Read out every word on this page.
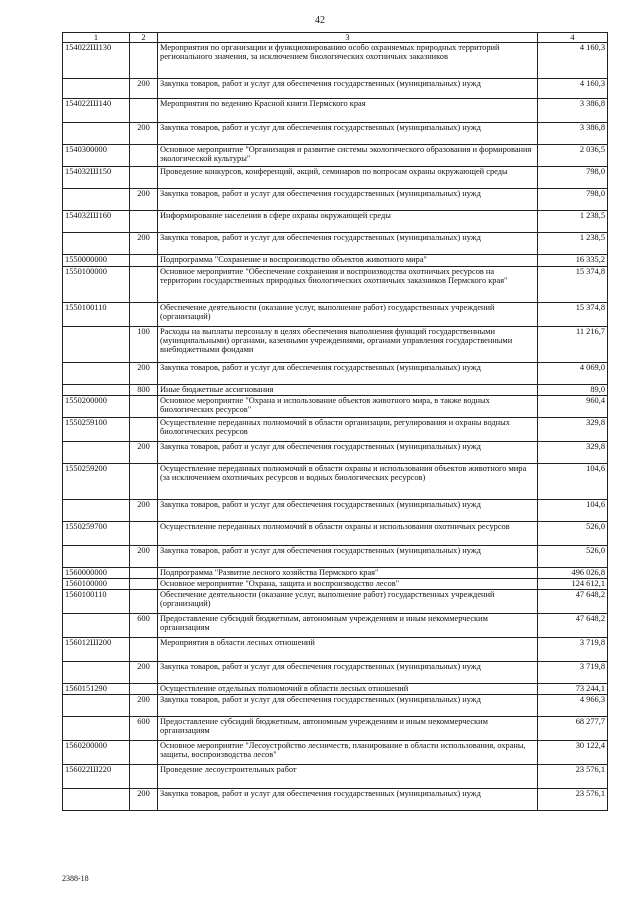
42
1	2	3	4
154022Ш130		Мероприятия по организации и функционированию особо охраняемых природных территорий регионального значения, за исключением биологических охотничьих заказников	4 160,3
	200	Закупка товаров, работ и услуг для обеспечения государственных (муниципальных) нужд	4 160,3
154022Ш140		Мероприятия по ведению Красной книги Пермского края	3 386,8
	200	Закупка товаров, работ и услуг для обеспечения государственных (муниципальных) нужд	3 386,8
1540300000		Основное мероприятие "Организация и развитие системы экологического образования и формирования экологической культуры"	2 036,5
154032Ш150		Проведение конкурсов, конференций, акций, семинаров по вопросам охраны окружающей среды	798,0
	200	Закупка товаров, работ и услуг для обеспечения государственных (муниципальных) нужд	798,0
154032Ш160		Информирование населения в сфере охраны окружающей среды	1 238,5
	200	Закупка товаров, работ и услуг для обеспечения государственных (муниципальных) нужд	1 238,5
1550000000		Подпрограмма "Сохранение и воспроизводство объектов животного мира"	16 335,2
1550100000		Основное мероприятие "Обеспечение сохранения и воспроизводства охотничьих ресурсов на территории государственных природных биологических охотничьих заказников Пермского края"	15 374,8
1550100110		Обеспечение деятельности (оказание услуг, выполнение работ) государственных учреждений (организаций)	15 374,8
	100	Расходы на выплаты персоналу в целях обеспечения выполнения функций государственными (муниципальными) органами, казенными учреждениями, органами управления государственными внебюджетными фондами	11 216,7
	200	Закупка товаров, работ и услуг для обеспечения государственных (муниципальных) нужд	4 069,0
	800	Иные бюджетные ассигнования	89,0
1550200000		Основное мероприятие "Охрана и использование объектов животного мира, в также водных биологических ресурсов"	960,4
1550259100		Осуществление переданных полномочий в области организации, регулирования и охраны водных биологических ресурсов	329,8
	200	Закупка товаров, работ и услуг для обеспечения государственных (муниципальных) нужд	329,8
1550259200		Осуществление переданных полномочий в области охраны и использования объектов животного мира (за исключением охотничьих ресурсов и водных биологических ресурсов)	104,6
	200	Закупка товаров, работ и услуг для обеспечения государственных (муниципальных) нужд	104,6
1550259700		Осуществление переданных полномочий в области охраны и использования охотничьих ресурсов	526,0
	200	Закупка товаров, работ и услуг для обеспечения государственных (муниципальных) нужд	526,0
1560000000		Подпрограмма "Развитие лесного хозяйства Пермского края"	496 026,8
1560100000		Основное мероприятие "Охрана, защита и воспроизводство лесов"	124 612,1
1560100110		Обеспечение деятельности (оказание услуг, выполнение работ) государственных учреждений (организаций)	47 648,2
	600	Предоставление субсидий бюджетным, автономным учреждениям и иным некоммерческим организациям	47 648,2
156012Ш200		Мероприятия в области лесных отношений	3 719,8
	200	Закупка товаров, работ и услуг для обеспечения государственных (муниципальных) нужд	3 719,8
1560151290		Осуществление отдельных полномочий в области лесных отношений	73 244,1
	200	Закупка товаров, работ и услуг для обеспечения государственных (муниципальных) нужд	4 966,3
	600	Предоставление субсидий бюджетным, автономным учреждениям и иным некоммерческим организациям	68 277,7
1560200000		Основное мероприятие "Лесоустройство лесничеств, планирование в области использования, охраны, защиты, воспроизводства лесов"	30 122,4
156022Ш220		Проведение лесоустроительных работ	23 576,1
	200	Закупка товаров, работ и услуг для обеспечения государственных (муниципальных) нужд	23 576,1
2388-18
